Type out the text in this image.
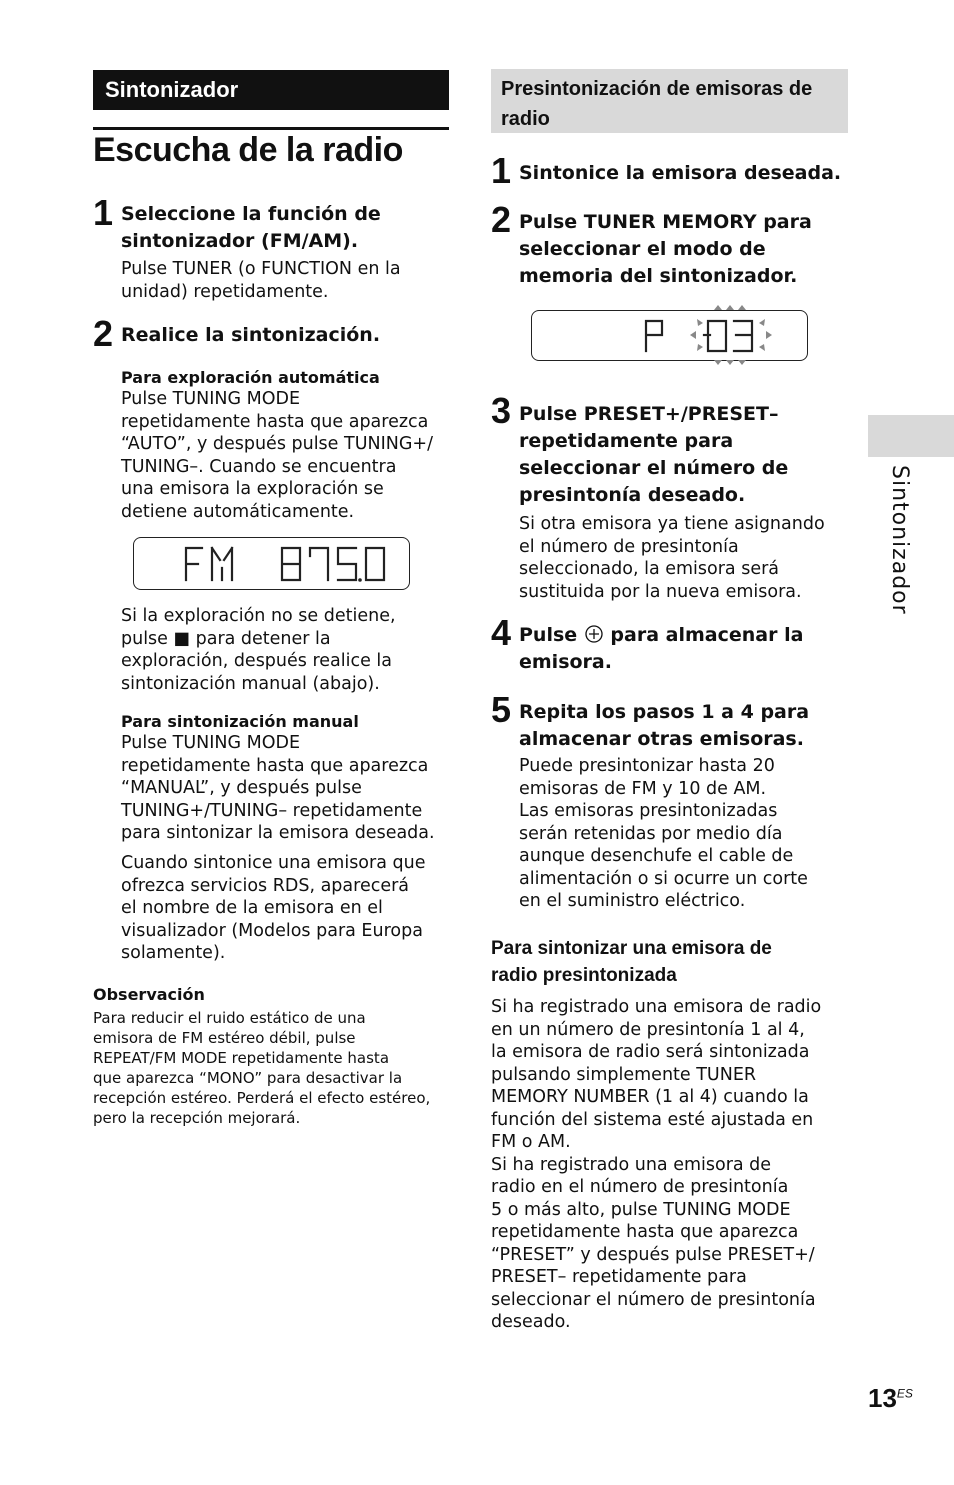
Sintonizador
Escucha de la radio
1 Seleccione la función de
sintonizador (FM/AM).
Pulse TUNER (o FUNCTION en la
unidad) repetidamente.
2 Realice la sintonización.
Para exploración automática
Pulse TUNING MODE
repetidamente hasta que aparezca
“AUTO”, y después pulse TUNING+/
TUNING–. Cuando se encuentra
una emisora la exploración se
detiene automáticamente.
Si la exploración no se detiene,
pulse ■ para detener la
exploración, después realice la
sintonización manual (abajo).
Para sintonización manual
Pulse TUNING MODE
repetidamente hasta que aparezca
“MANUAL”, y después pulse
TUNING+/TUNING– repetidamente
para sintonizar la emisora deseada.
Cuando sintonice una emisora que
ofrezca servicios RDS, aparecerá
el nombre de la emisora en el
visualizador (Modelos para Europa
solamente).
Observación
Para reducir el ruido estático de una
emisora de FM estéreo débil, pulse
REPEAT/FM MODE repetidamente hasta
que aparezca “MONO” para desactivar la
recepción estéreo. Perderá el efecto estéreo,
pero la recepción mejorará.
Presintonización de emisoras de radio
1 Sintonice la emisora deseada.
2 Pulse TUNER MEMORY para
seleccionar el modo de
memoria del sintonizador.
3 Pulse PRESET+/PRESET–
repetidamente para
seleccionar el número de
presintonía deseado.
Si otra emisora ya tiene asignando
el número de presintonía
seleccionado, la emisora será
sustituida por la nueva emisora.
4 Pulse para almacenar la
emisora.
5 Repita los pasos 1 a 4 para
almacenar otras emisoras.
Puede presintonizar hasta 20
emisoras de FM y 10 de AM.
Las emisoras presintonizadas
serán retenidas por medio día
aunque desenchufe el cable de
alimentación o si ocurre un corte
en el suministro eléctrico.
Para sintonizar una emisora de
radio presintonizada
Si ha registrado una emisora de radio
en un número de presintonía 1 al 4,
la emisora de radio será sintonizada
pulsando simplemente TUNER
MEMORY NUMBER (1 al 4) cuando la
función del sistema esté ajustada en
FM o AM.
Si ha registrado una emisora de
radio en el número de presintonía
5 o más alto, pulse TUNING MODE
repetidamente hasta que aparezca
“PRESET” y después pulse PRESET+/
PRESET– repetidamente para
seleccionar el número de presintonía
deseado.
Sintonizador
$13^{ES}$
